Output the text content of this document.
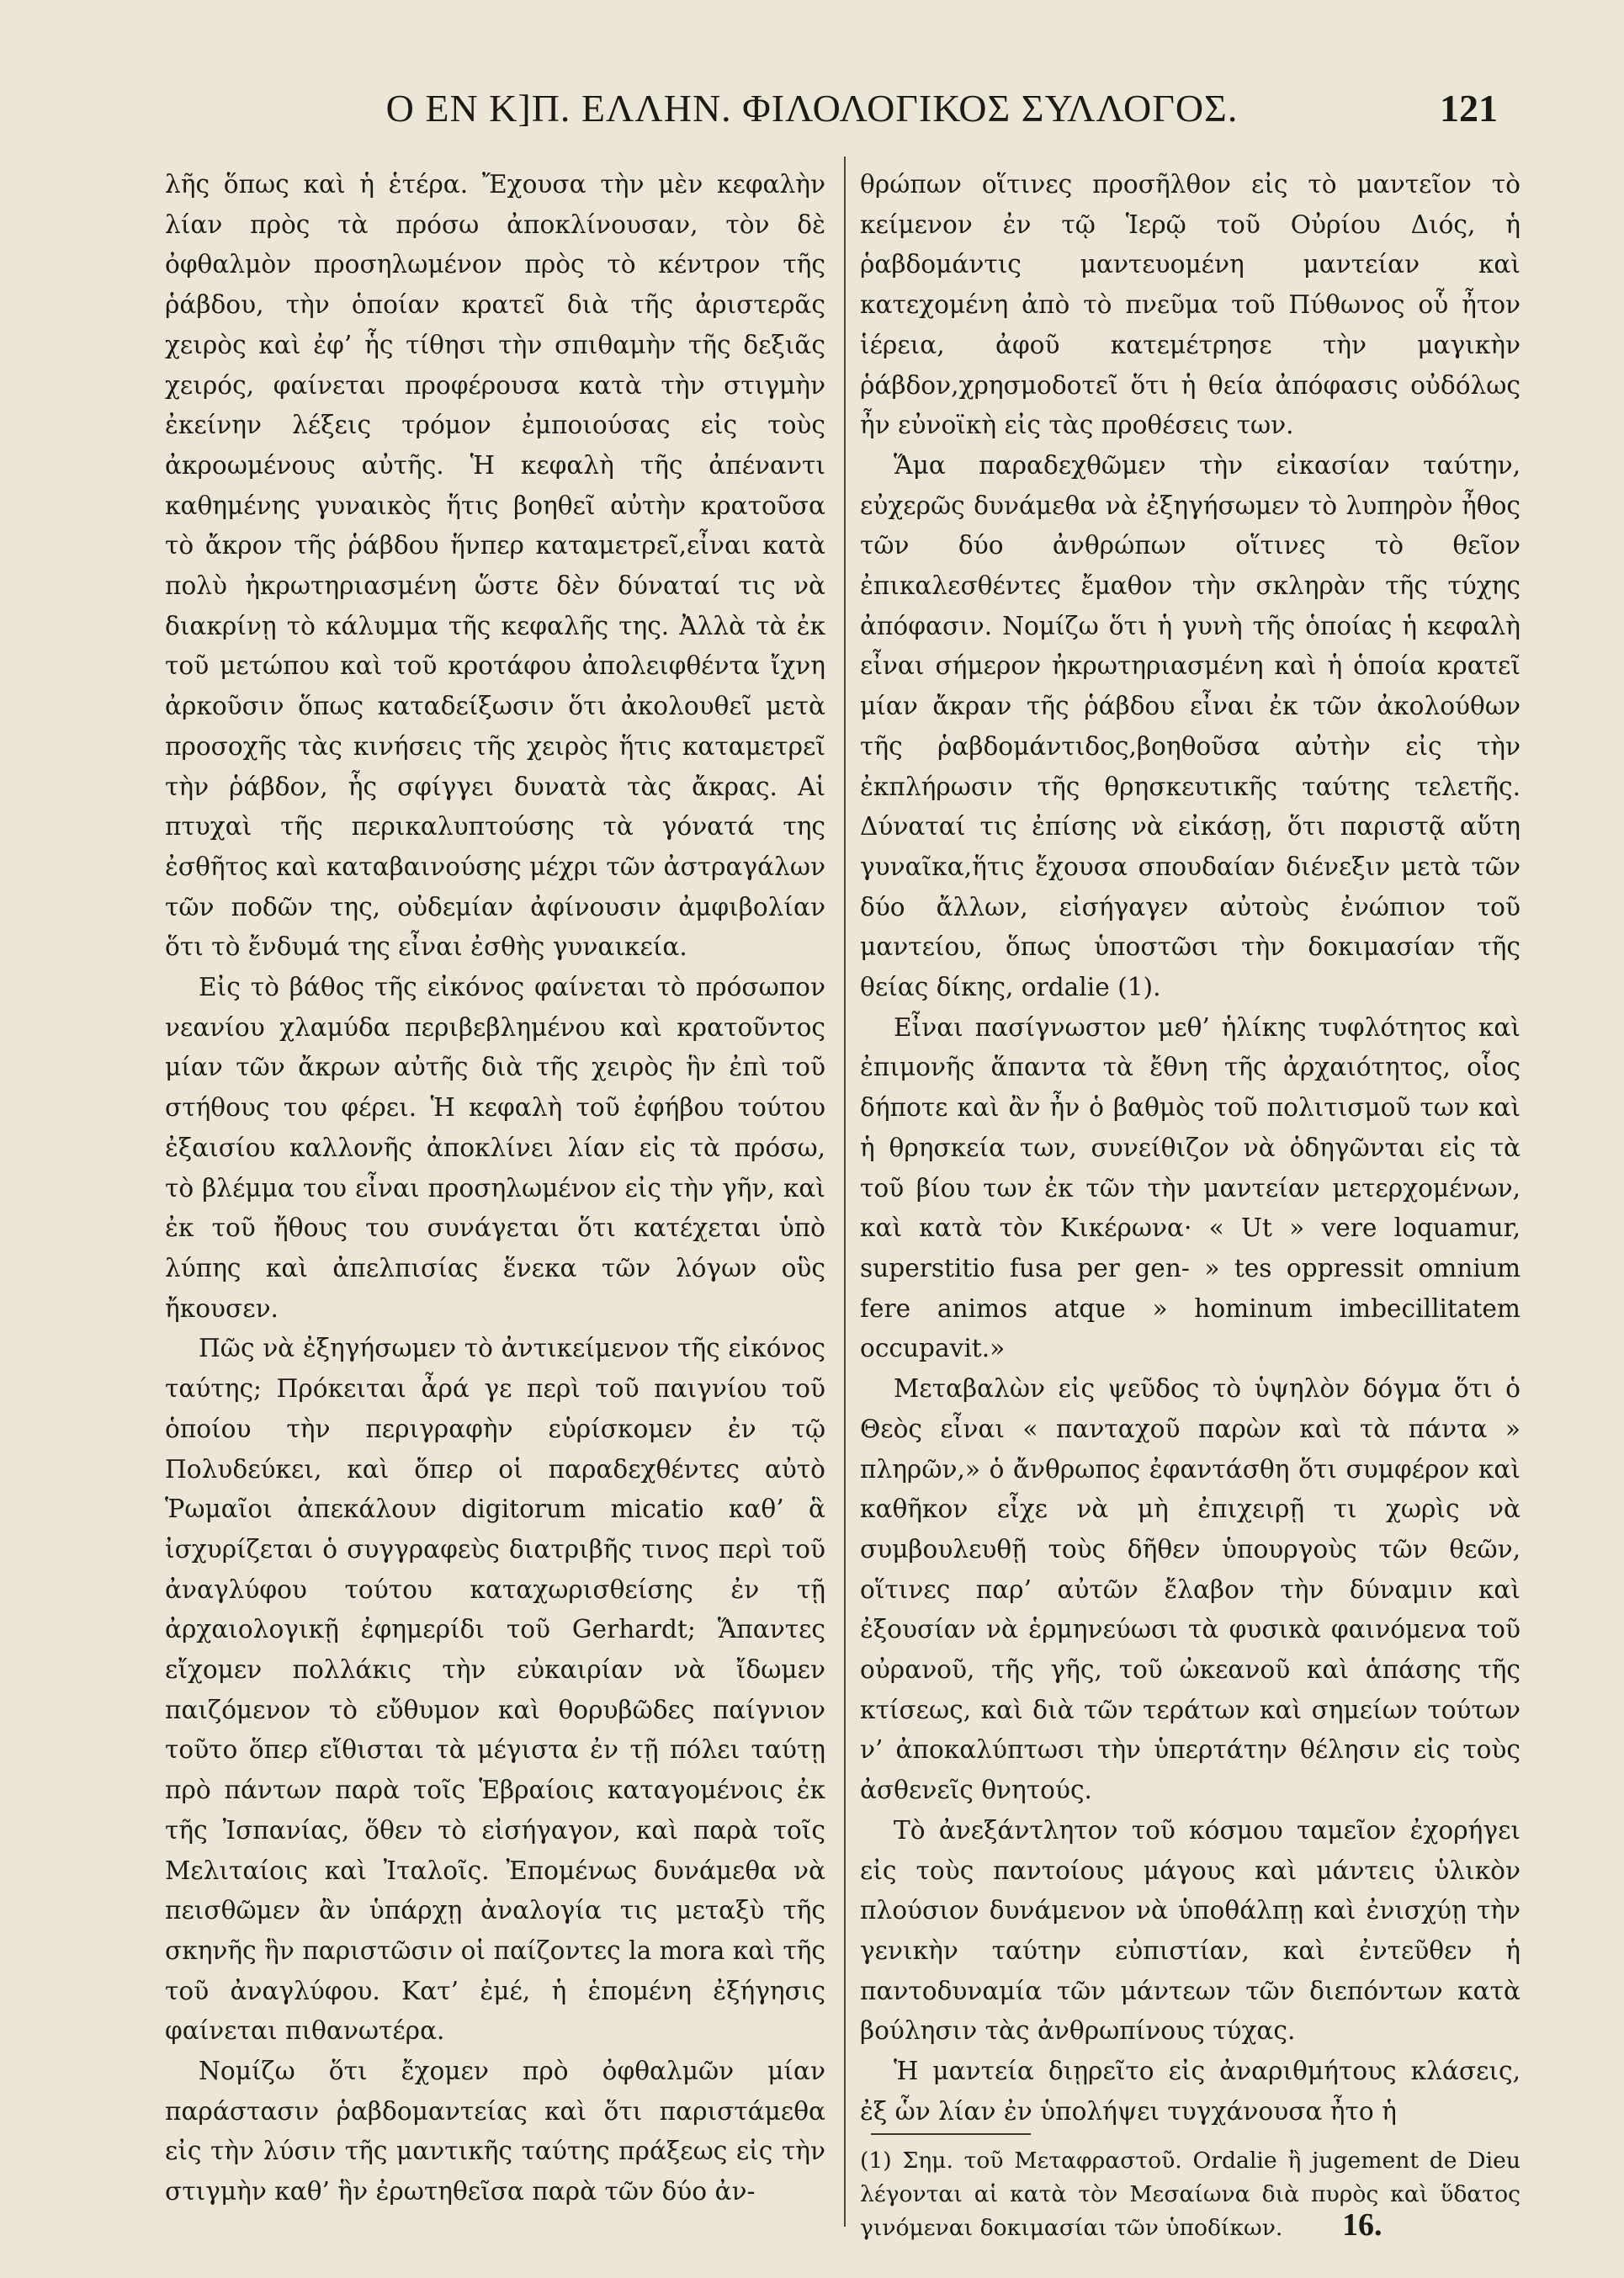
Ο ΕΝ Κ]Π. ΕΛΛΗΝ. ΦΙΛΟΛΟΓΙΚΟΣ ΣΥΛΛΟΓΟΣ.	121

λῆς ὅπως καὶ ἡ ἑτέρα. Ἔχουσα τὴν μὲν κεφαλὴν λίαν πρὸς τὰ πρόσω ἀποκλίνουσαν, τὸν δὲ ὀφθαλμὸν προσηλωμένον πρὸς τὸ κέντρον τῆς ῥάβδου, τὴν ὁποίαν κρατεῖ διὰ τῆς ἀριστερᾶς χειρὸς καὶ ἐφ’ ἧς τίθησι τὴν σπιθαμὴν τῆς δεξιᾶς χειρός, φαίνεται προφέρουσα κατὰ τὴν στιγμὴν ἐκείνην λέξεις τρόμον ἐμποιούσας εἰς τοὺς ἀκροωμένους αὐτῆς. Ἡ κεφαλὴ τῆς ἀπέναντι καθημένης γυναικὸς ἥτις βοηθεῖ αὐτὴν κρατοῦσα τὸ ἄκρον τῆς ῥάβδου ἥνπερ καταμετρεῖ,εἶναι κατὰ πολὺ ἠκρωτηριασμένη ὥστε δὲν δύναταί τις νὰ διακρίνῃ τὸ κάλυμμα τῆς κεφαλῆς της. Ἀλλὰ τὰ ἐκ τοῦ μετώπου καὶ τοῦ κροτάφου ἀπολειφθέντα ἴχνη ἀρκοῦσιν ὅπως καταδείξωσιν ὅτι ἀκολουθεῖ μετὰ προσοχῆς τὰς κινήσεις τῆς χειρὸς ἥτις καταμετρεῖ τὴν ῥάβδον, ἧς σφίγγει δυνατὰ τὰς ἄκρας. Αἱ πτυχαὶ τῆς περικαλυπτούσης τὰ γόνατά της ἐσθῆτος καὶ καταβαινούσης μέχρι τῶν ἀστραγάλων τῶν ποδῶν της, οὐδεμίαν ἀφίνουσιν ἀμφιβολίαν ὅτι τὸ ἔνδυμά της εἶναι ἐσθὴς γυναικεία.

Εἰς τὸ βάθος τῆς εἰκόνος φαίνεται τὸ πρόσωπον νεανίου χλαμύδα περιβεβλημένου καὶ κρατοῦντος μίαν τῶν ἄκρων αὐτῆς διὰ τῆς χειρὸς ἣν ἐπὶ τοῦ στήθους του φέρει. Ἡ κεφαλὴ τοῦ ἐφήβου τούτου ἐξαισίου καλλονῆς ἀποκλίνει λίαν εἰς τὰ πρόσω, τὸ βλέμμα του εἶναι προσηλωμένον εἰς τὴν γῆν, καὶ ἐκ τοῦ ἤθους του συνάγεται ὅτι κατέχεται ὑπὸ λύπης καὶ ἀπελπισίας ἕνεκα τῶν λόγων οὓς ἤκουσεν.

Πῶς νὰ ἐξηγήσωμεν τὸ ἀντικείμενον τῆς εἰκόνος ταύτης; Πρόκειται ἆρά γε περὶ τοῦ παιγνίου τοῦ ὁποίου τὴν περιγραφὴν εὑρίσκομεν ἐν τῷ Πολυδεύκει, καὶ ὅπερ οἱ παραδεχθέντες αὐτὸ Ῥωμαῖοι ἀπεκάλουν digitorum micatio καθ’ ἃ ἰσχυρίζεται ὁ συγγραφεὺς διατριβῆς τινος περὶ τοῦ ἀναγλύφου τούτου καταχωρισθείσης ἐν τῇ ἀρχαιολογικῇ ἐφημερίδι τοῦ Gerhardt; Ἅπαντες εἴχομεν πολλάκις τὴν εὐκαιρίαν νὰ ἴδωμεν παιζόμενον τὸ εὔθυμον καὶ θορυβῶδες παίγνιον τοῦτο ὅπερ εἴθισται τὰ μέγιστα ἐν τῇ πόλει ταύτῃ πρὸ πάντων παρὰ τοῖς Ἑβραίοις καταγομένοις ἐκ τῆς Ἰσπανίας, ὅθεν τὸ εἰσήγαγον, καὶ παρὰ τοῖς Μελιταίοις καὶ Ἰταλοῖς. Ἐπομένως δυνάμεθα νὰ πεισθῶμεν ἂν ὑπάρχῃ ἀναλογία τις μεταξὺ τῆς σκηνῆς ἣν παριστῶσιν οἱ παίζοντες la mora καὶ τῆς τοῦ ἀναγλύφου. Κατ’ ἐμέ, ἡ ἑπομένη ἐξήγησις φαίνεται πιθανωτέρα.

Νομίζω ὅτι ἔχομεν πρὸ ὀφθαλμῶν μίαν παράστασιν ῥαβδομαντείας καὶ ὅτι παριστάμεθα εἰς τὴν λύσιν τῆς μαντικῆς ταύτης πράξεως εἰς τὴν στιγμὴν καθ’ ἣν ἐρωτηθεῖσα παρὰ τῶν δύο ἀν-

θρώπων οἵτινες προσῆλθον εἰς τὸ μαντεῖον τὸ κείμενον ἐν τῷ Ἱερῷ τοῦ Οὐρίου Διός, ἡ ῥαβδομάντις μαντευομένη μαντείαν καὶ κατεχομένη ἀπὸ τὸ πνεῦμα τοῦ Πύθωνος οὗ ἦτον ἱέρεια, ἀφοῦ κατεμέτρησε τὴν μαγικὴν ῥάβδον,χρησμοδοτεῖ ὅτι ἡ θεία ἀπόφασις οὐδόλως ἦν εὐνοϊκὴ εἰς τὰς προθέσεις των.

Ἅμα παραδεχθῶμεν τὴν εἰκασίαν ταύτην, εὐχερῶς δυνάμεθα νὰ ἐξηγήσωμεν τὸ λυπηρὸν ἦθος τῶν δύο ἀνθρώπων οἵτινες τὸ θεῖον ἐπικαλεσθέντες ἔμαθον τὴν σκληρὰν τῆς τύχης ἀπόφασιν. Νομίζω ὅτι ἡ γυνὴ τῆς ὁποίας ἡ κεφαλὴ εἶναι σήμερον ἠκρωτηριασμένη καὶ ἡ ὁποία κρατεῖ μίαν ἄκραν τῆς ῥάβδου εἶναι ἐκ τῶν ἀκολούθων τῆς ῥαβδομάντιδος,βοηθοῦσα αὐτὴν εἰς τὴν ἐκπλήρωσιν τῆς θρησκευτικῆς ταύτης τελετῆς. Δύναταί τις ἐπίσης νὰ εἰκάσῃ, ὅτι παριστᾷ αὕτη γυναῖκα,ἥτις ἔχουσα σπουδαίαν διένεξιν μετὰ τῶν δύο ἄλλων, εἰσήγαγεν αὐτοὺς ἐνώπιον τοῦ μαντείου, ὅπως ὑποστῶσι τὴν δοκιμασίαν τῆς θείας δίκης, ordalie (1).

Εἶναι πασίγνωστον μεθ’ ἡλίκης τυφλότητος καὶ ἐπιμονῆς ἅπαντα τὰ ἔθνη τῆς ἀρχαιότητος, οἷος δήποτε καὶ ἂν ἦν ὁ βαθμὸς τοῦ πολιτισμοῦ των καὶ ἡ θρησκεία των, συνείθιζον νὰ ὁδηγῶνται εἰς τὰ τοῦ βίου των ἐκ τῶν τὴν μαντείαν μετερχομένων, καὶ κατὰ τὸν Κικέρωνα· « Ut » vere loquamur, superstitio fusa per gen- » tes oppressit omnium fere animos atque » hominum imbecillitatem occupavit.»

Μεταβαλὼν εἰς ψεῦδος τὸ ὑψηλὸν δόγμα ὅτι ὁ Θεὸς εἶναι « πανταχοῦ παρὼν καὶ τὰ πάντα » πληρῶν,» ὁ ἄνθρωπος ἐφαντάσθη ὅτι συμφέρον καὶ καθῆκον εἶχε νὰ μὴ ἐπιχειρῇ τι χωρὶς νὰ συμβουλευθῇ τοὺς δῆθεν ὑπουργοὺς τῶν θεῶν, οἵτινες παρ’ αὐτῶν ἔλαβον τὴν δύναμιν καὶ ἐξουσίαν νὰ ἑρμηνεύωσι τὰ φυσικὰ φαινόμενα τοῦ οὐρανοῦ, τῆς γῆς, τοῦ ὠκεανοῦ καὶ ἁπάσης τῆς κτίσεως, καὶ διὰ τῶν τεράτων καὶ σημείων τούτων ν’ ἀποκαλύπτωσι τὴν ὑπερτάτην θέλησιν εἰς τοὺς ἀσθενεῖς θνητούς.

Τὸ ἀνεξάντλητον τοῦ κόσμου ταμεῖον ἐχορήγει εἰς τοὺς παντοίους μάγους καὶ μάντεις ὑλικὸν πλούσιον δυνάμενον νὰ ὑποθάλπῃ καὶ ἐνισχύῃ τὴν γενικὴν ταύτην εὐπιστίαν, καὶ ἐντεῦθεν ἡ παντοδυναμία τῶν μάντεων τῶν διεπόντων κατὰ βούλησιν τὰς ἀνθρωπίνους τύχας.

Ἡ μαντεία διῃρεῖτο εἰς ἀναριθμήτους κλάσεις, ἐξ ὧν λίαν ἐν ὑπολήψει τυγχάνουσα ἦτο ἡ

(1) Σημ. τοῦ Μεταφραστοῦ. Ordalie ἢ jugement de Dieu λέγονται αἱ κατὰ τὸν Μεσαίωνα διὰ πυρὸς καὶ ὕδατος γινόμεναι δοκιμασίαι τῶν ὑποδίκων.	16.
